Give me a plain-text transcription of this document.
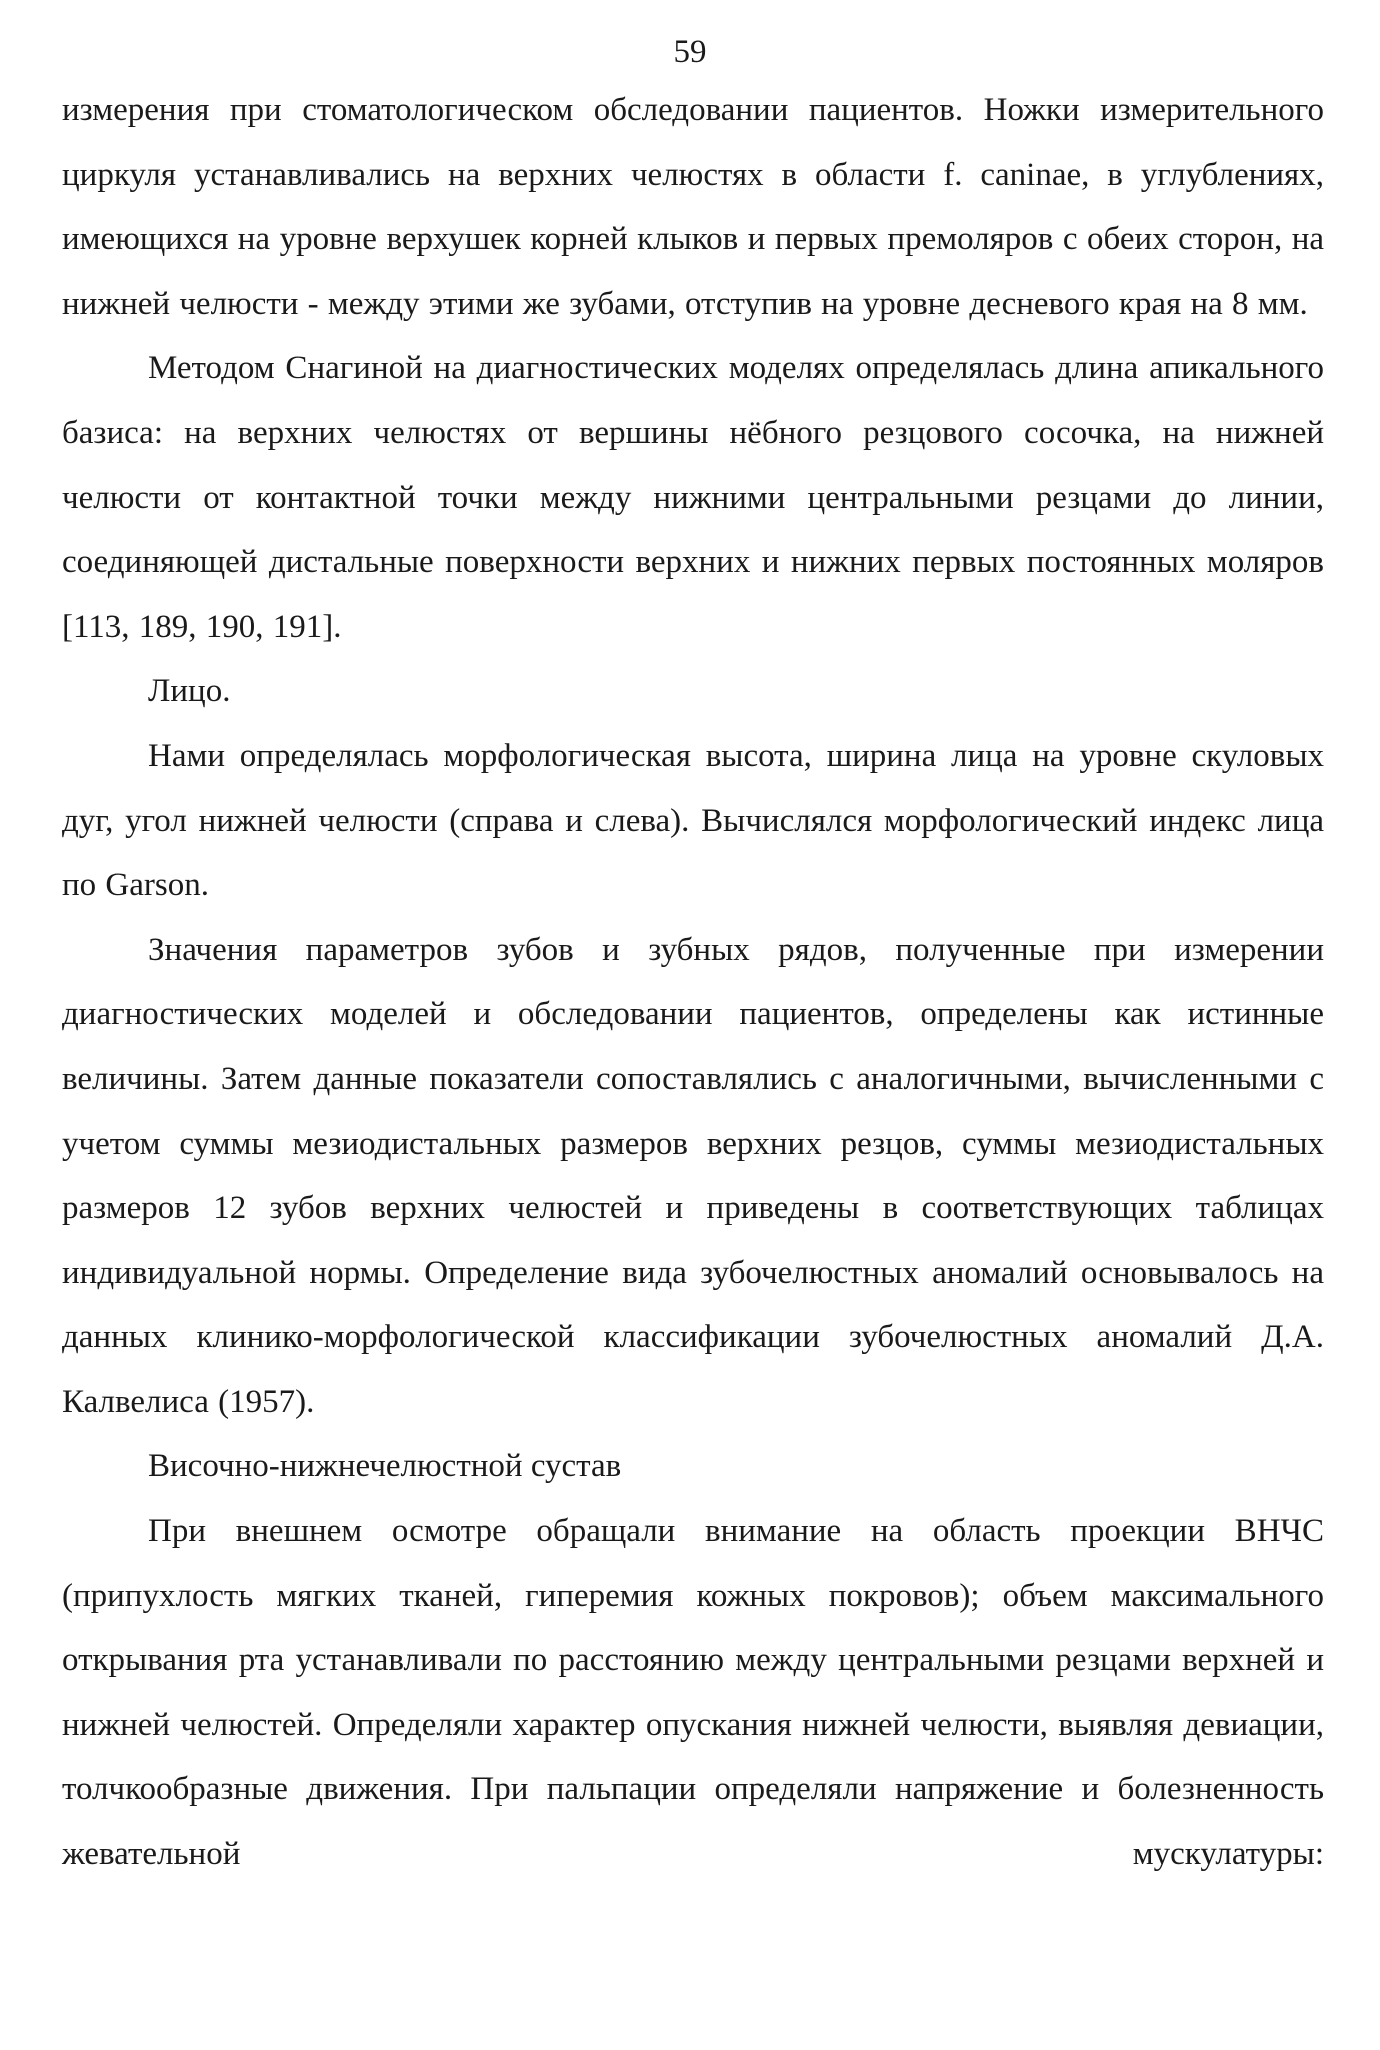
59

измерения при стоматологическом обследовании пациентов. Ножки измерительного циркуля устанавливались на верхних челюстях в области f. caninae, в углублениях, имеющихся на уровне верхушек корней клыков и первых премоляров с обеих сторон, на нижней челюсти - между этими же зубами, отступив на уровне десневого края на 8 мм.

Методом Снагиной на диагностических моделях определялась длина апикального базиса: на верхних челюстях от вершины нёбного резцового сосочка, на нижней челюсти от контактной точки между нижними центральными резцами до линии, соединяющей дистальные поверхности верхних и нижних первых постоянных моляров [113, 189, 190, 191].

Лицо.

Нами определялась морфологическая высота, ширина лица на уровне скуловых дуг, угол нижней челюсти (справа и слева). Вычислялся морфологический индекс лица по Garson.

Значения параметров зубов и зубных рядов, полученные при измерении диагностических моделей и обследовании пациентов, определены как истинные величины. Затем данные показатели сопоставлялись с аналогичными, вычисленными с учетом суммы мезиодистальных размеров верхних резцов, суммы мезиодистальных размеров 12 зубов верхних челюстей и приведены в соответствующих таблицах индивидуальной нормы. Определение вида зубочелюстных аномалий основывалось на данных клинико-морфологической классификации зубочелюстных аномалий Д.А. Калвелиса (1957).

Височно-нижнечелюстной сустав

При внешнем осмотре обращали внимание на область проекции ВНЧС (припухлость мягких тканей, гиперемия кожных покровов); объем максимального открывания рта устанавливали по расстоянию между центральными резцами верхней и нижней челюстей. Определяли характер опускания нижней челюсти, выявляя девиации, толчкообразные движения. При пальпации определяли напряжение и болезненность жевательной мускулатуры:
